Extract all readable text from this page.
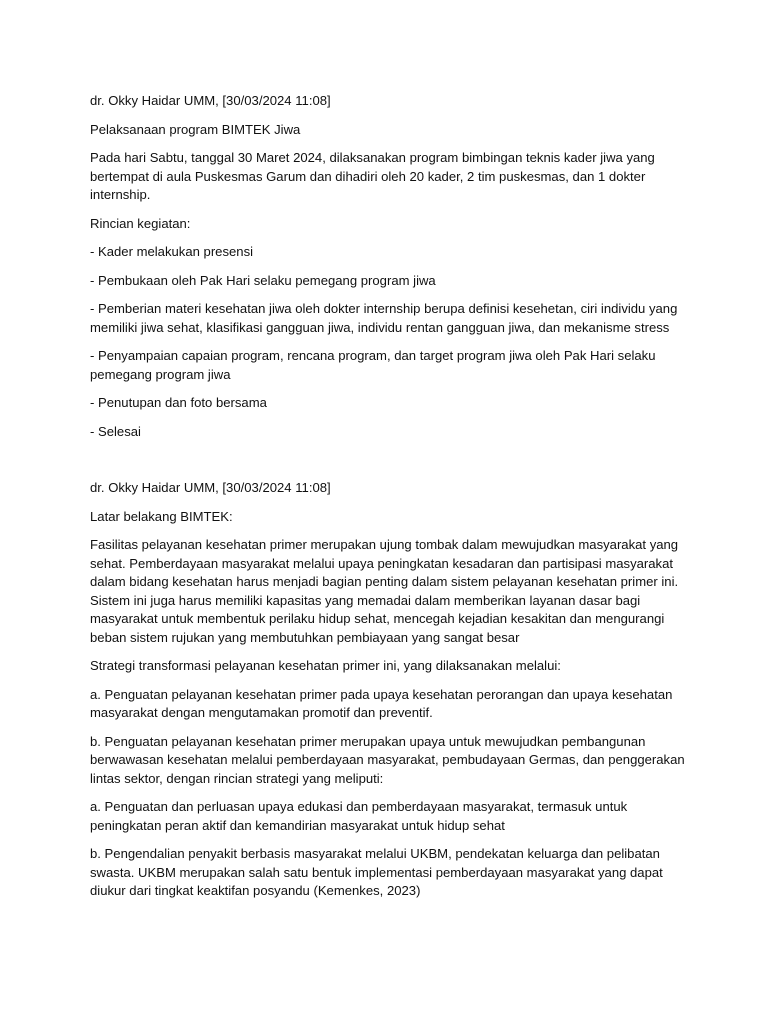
dr. Okky Haidar UMM, [30/03/2024 11:08]

Pelaksanaan program BIMTEK Jiwa

Pada hari Sabtu, tanggal 30 Maret 2024, dilaksanakan program bimbingan teknis kader jiwa yang bertempat di aula Puskesmas Garum dan dihadiri oleh 20 kader, 2 tim puskesmas, dan 1 dokter internship.

Rincian kegiatan:

- Kader melakukan presensi

- Pembukaan oleh Pak Hari selaku pemegang program jiwa

- Pemberian materi kesehatan jiwa oleh dokter internship berupa definisi kesehetan, ciri individu yang memiliki jiwa sehat, klasifikasi gangguan jiwa, individu rentan gangguan jiwa, dan mekanisme stress

- Penyampaian capaian program, rencana program, dan target program jiwa oleh Pak Hari selaku pemegang program jiwa

- Penutupan dan foto bersama

- Selesai

dr. Okky Haidar UMM, [30/03/2024 11:08]

Latar belakang BIMTEK:

Fasilitas pelayanan kesehatan primer merupakan ujung tombak dalam mewujudkan masyarakat yang sehat. Pemberdayaan masyarakat melalui upaya peningkatan kesadaran dan partisipasi masyarakat dalam bidang kesehatan harus menjadi bagian penting dalam sistem pelayanan kesehatan primer ini. Sistem ini juga harus memiliki kapasitas yang memadai dalam memberikan layanan dasar bagi masyarakat untuk membentuk perilaku hidup sehat, mencegah kejadian kesakitan dan mengurangi beban sistem rujukan yang membutuhkan pembiayaan yang sangat besar

Strategi transformasi pelayanan kesehatan primer ini, yang dilaksanakan melalui:

a. Penguatan pelayanan kesehatan primer pada upaya kesehatan perorangan dan upaya kesehatan masyarakat dengan mengutamakan promotif dan preventif.

b. Penguatan pelayanan kesehatan primer merupakan upaya untuk mewujudkan pembangunan berwawasan kesehatan melalui pemberdayaan masyarakat, pembudayaan Germas, dan penggerakan lintas sektor, dengan rincian strategi yang meliputi:

a. Penguatan dan perluasan upaya edukasi dan pemberdayaan masyarakat, termasuk untuk peningkatan peran aktif dan kemandirian masyarakat untuk hidup sehat

b. Pengendalian penyakit berbasis masyarakat melalui UKBM, pendekatan keluarga dan pelibatan swasta. UKBM merupakan salah satu bentuk implementasi pemberdayaan masyarakat yang dapat diukur dari tingkat keaktifan posyandu (Kemenkes, 2023)
